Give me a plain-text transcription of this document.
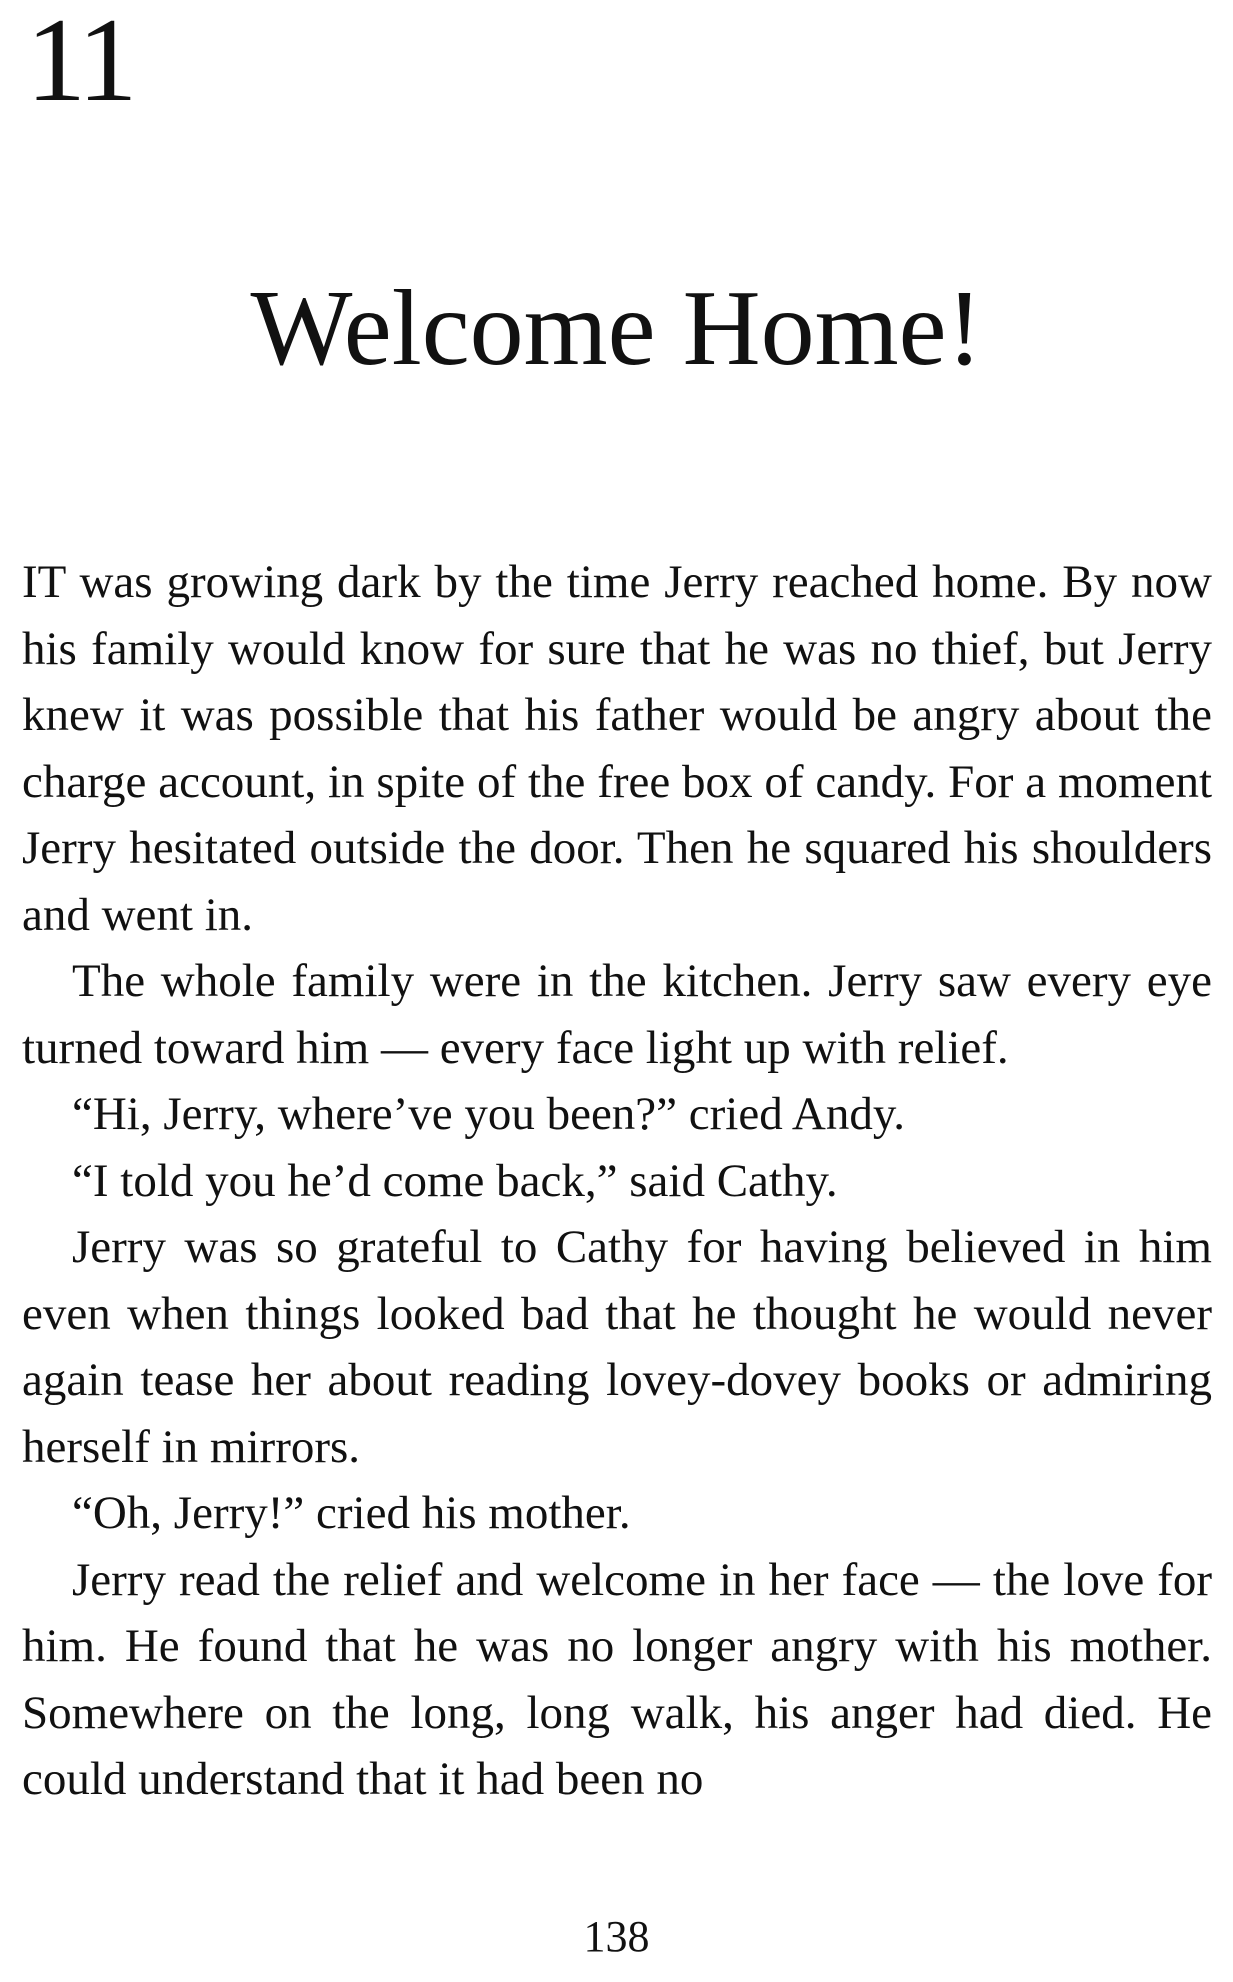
11
Welcome Home!

IT was growing dark by the time Jerry reached home. By now his family would know for sure that he was no thief, but Jerry knew it was possible that his father would be angry about the charge account, in spite of the free box of candy. For a moment Jerry hesitated outside the door. Then he squared his shoulders and went in.

The whole family were in the kitchen. Jerry saw every eye turned toward him — every face light up with relief.

“Hi, Jerry, where’ve you been?” cried Andy.

“I told you he’d come back,” said Cathy.

Jerry was so grateful to Cathy for having believed in him even when things looked bad that he thought he would never again tease her about reading lovey-dovey books or admiring herself in mirrors.

“Oh, Jerry!” cried his mother.

Jerry read the relief and welcome in her face — the love for him. He found that he was no longer angry with his mother. Somewhere on the long, long walk, his anger had died. He could understand that it had been no

138
